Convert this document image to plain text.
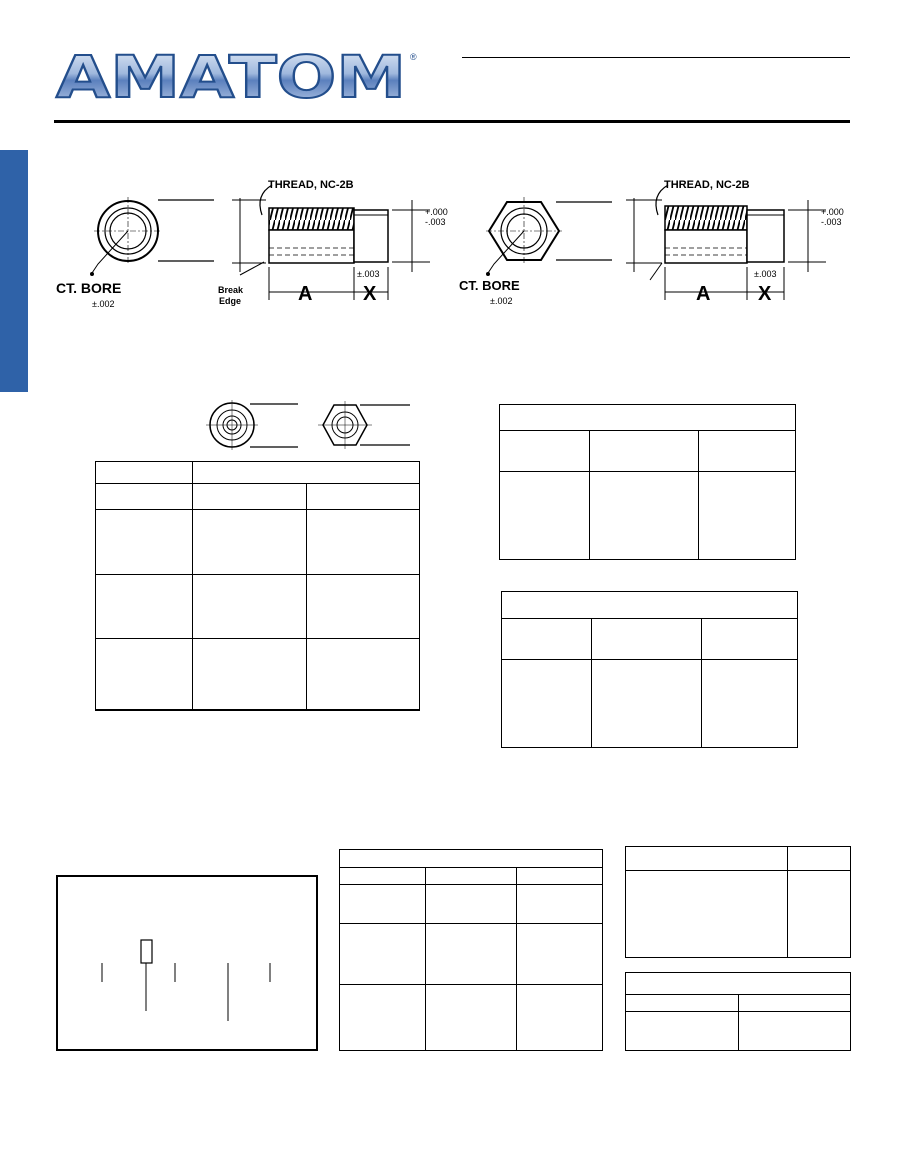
AMATOM ®
CT. BORE
±.002
THREAD, NC-2B
+.000
-.003
±.003
Break
Edge	A	X	CT. BORE
±.002
THREAD, NC-2B
+.000
-.003
±.003
A X
